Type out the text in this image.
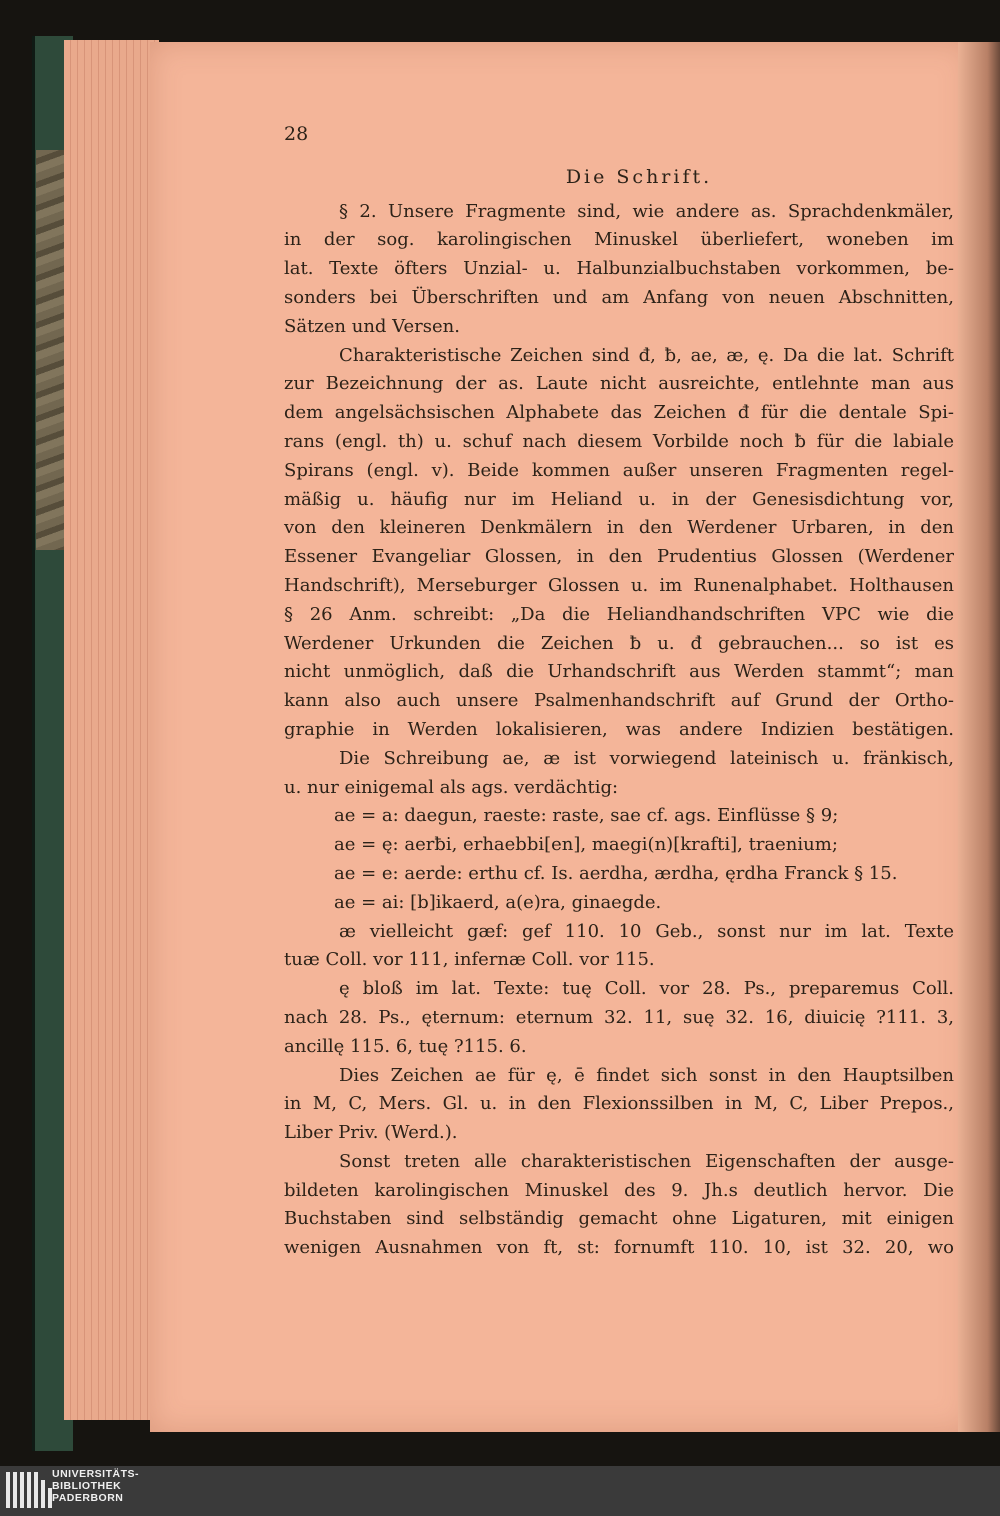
28
Die Schrift.
§ 2. Unsere Fragmente sind, wie andere as. Sprachdenkmäler,
in der sog. karolingischen Minuskel überliefert, woneben im
lat. Texte öfters Unzial- u. Halbunzialbuchstaben vorkommen, be-
sonders bei Überschriften und am Anfang von neuen Abschnitten,
Sätzen und Versen.
Charakteristische Zeichen sind đ, ƀ, ae, æ, ę. Da die lat. Schrift
zur Bezeichnung der as. Laute nicht ausreichte, entlehnte man aus
dem angelsächsischen Alphabete das Zeichen đ für die dentale Spi-
rans (engl. th) u. schuf nach diesem Vorbilde noch ƀ für die labiale
Spirans (engl. v). Beide kommen außer unseren Fragmenten regel-
mäßig u. häufig nur im Heliand u. in der Genesisdichtung vor,
von den kleineren Denkmälern in den Werdener Urbaren, in den
Essener Evangeliar Glossen, in den Prudentius Glossen (Werdener
Handschrift), Merseburger Glossen u. im Runenalphabet. Holthausen
§ 26 Anm. schreibt: „Da die Heliandhandschriften VPC wie die
Werdener Urkunden die Zeichen ƀ u. đ gebrauchen... so ist es
nicht unmöglich, daß die Urhandschrift aus Werden stammt“; man
kann also auch unsere Psalmenhandschrift auf Grund der Ortho-
graphie in Werden lokalisieren, was andere Indizien bestätigen.
Die Schreibung ae, æ ist vorwiegend lateinisch u. fränkisch,
u. nur einigemal als ags. verdächtig:
ae = a: daegun, raeste: raste, sae cf. ags. Einflüsse § 9;
ae = ę: aerƀi, erhaebbi[en], maegi(n)[krafti], traenium;
ae = e: aerde: erthu cf. Is. aerdha, ærdha, ęrdha Franck § 15.
ae = ai: [b]ikaerd, a(e)ra, ginaegde.
æ vielleicht gæf: gef 110. 10 Geb., sonst nur im lat. Texte
tuæ Coll. vor 111, infernæ Coll. vor 115.
ę bloß im lat. Texte: tuę Coll. vor 28. Ps., preparemus Coll.
nach 28. Ps., ęternum: eternum 32. 11, suę 32. 16, diuicię ?111. 3,
ancillę 115. 6, tuę ?115. 6.
Dies Zeichen ae für ę, ē findet sich sonst in den Hauptsilben
in M, C, Mers. Gl. u. in den Flexionssilben in M, C, Liber Prepos.,
Liber Priv. (Werd.).
Sonst treten alle charakteristischen Eigenschaften der ausge-
bildeten karolingischen Minuskel des 9. Jh.s deutlich hervor. Die
Buchstaben sind selbständig gemacht ohne Ligaturen, mit einigen
wenigen Ausnahmen von ft, st: fornumft 110. 10, ist 32. 20, wo
UNIVERSITÄTS-
BIBLIOTHEK
PADERBORN
